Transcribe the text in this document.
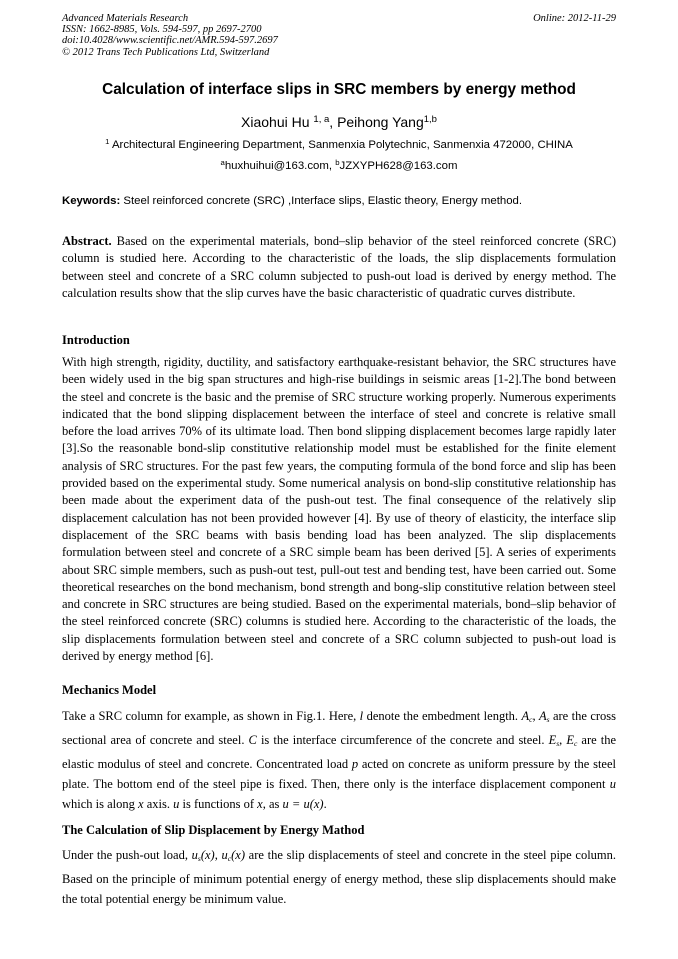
Advanced Materials Research
ISSN: 1662-8985, Vols. 594-597, pp 2697-2700
doi:10.4028/www.scientific.net/AMR.594-597.2697
© 2012 Trans Tech Publications Ltd, Switzerland
Online: 2012-11-29
Calculation of interface slips in SRC members by energy method
Xiaohui Hu $^{1, a}$, Peihong Yang$^{1,b}$
$^1$ Architectural Engineering Department, Sanmenxia Polytechnic, Sanmenxia 472000, CHINA
$^a$huxhuihui@163.com, $^b$JZXYPH628@163.com
Keywords: Steel reinforced concrete (SRC) ,Interface slips, Elastic theory, Energy method.
Abstract. Based on the experimental materials, bond–slip behavior of the steel reinforced concrete (SRC) column is studied here. According to the characteristic of the loads, the slip displacements formulation between steel and concrete of a SRC column subjected to push-out load is derived by energy method. The calculation results show that the slip curves have the basic characteristic of quadratic curves distribute.
Introduction
With high strength, rigidity, ductility, and satisfactory earthquake-resistant behavior, the SRC structures have been widely used in the big span structures and high-rise buildings in seismic areas [1-2].The bond between the steel and concrete is the basic and the premise of SRC structure working properly. Numerous experiments indicated that the bond slipping displacement between the interface of steel and concrete is relative small before the load arrives 70% of its ultimate load. Then bond slipping displacement becomes large rapidly later [3].So the reasonable bond-slip constitutive relationship model must be established for the finite element analysis of SRC structures. For the past few years, the computing formula of the bond force and slip has been provided based on the experimental study. Some numerical analysis on bond-slip constitutive relationship has been made about the experiment data of the push-out test. The final consequence of the relatively slip displacement calculation has not been provided however [4]. By use of theory of elasticity, the interface slip displacement of the SRC beams with basis bending load has been analyzed. The slip displacements formulation between steel and concrete of a SRC simple beam has been derived [5]. A series of experiments about SRC simple members, such as push-out test, pull-out test and bending test, have been carried out. Some theoretical researches on the bond mechanism, bond strength and bong-slip constitutive relation between steel and concrete in SRC structures are being studied. Based on the experimental materials, bond–slip behavior of the steel reinforced concrete (SRC) columns is studied here. According to the characteristic of the loads, the slip displacements formulation between steel and concrete of a SRC column subjected to push-out load is derived by energy method [6].
Mechanics Model
Take a SRC column for example, as shown in Fig.1. Here, l denote the embedment length. $A_c$, $A_s$ are the cross sectional area of concrete and steel. C is the interface circumference of the concrete and steel. $E_s$, $E_c$ are the elastic modulus of steel and concrete. Concentrated load p acted on concrete as uniform pressure by the steel plate. The bottom end of the steel pipe is fixed. Then, there only is the interface displacement component u which is along x axis. u is functions of x, as u = u(x).
The Calculation of Slip Displacement by Energy Mathod
Under the push-out load, $u_s(x)$, $u_c(x)$ are the slip displacements of steel and concrete in the steel pipe column. Based on the principle of minimum potential energy of energy method, these slip displacements should make the total potential energy be minimum value.
